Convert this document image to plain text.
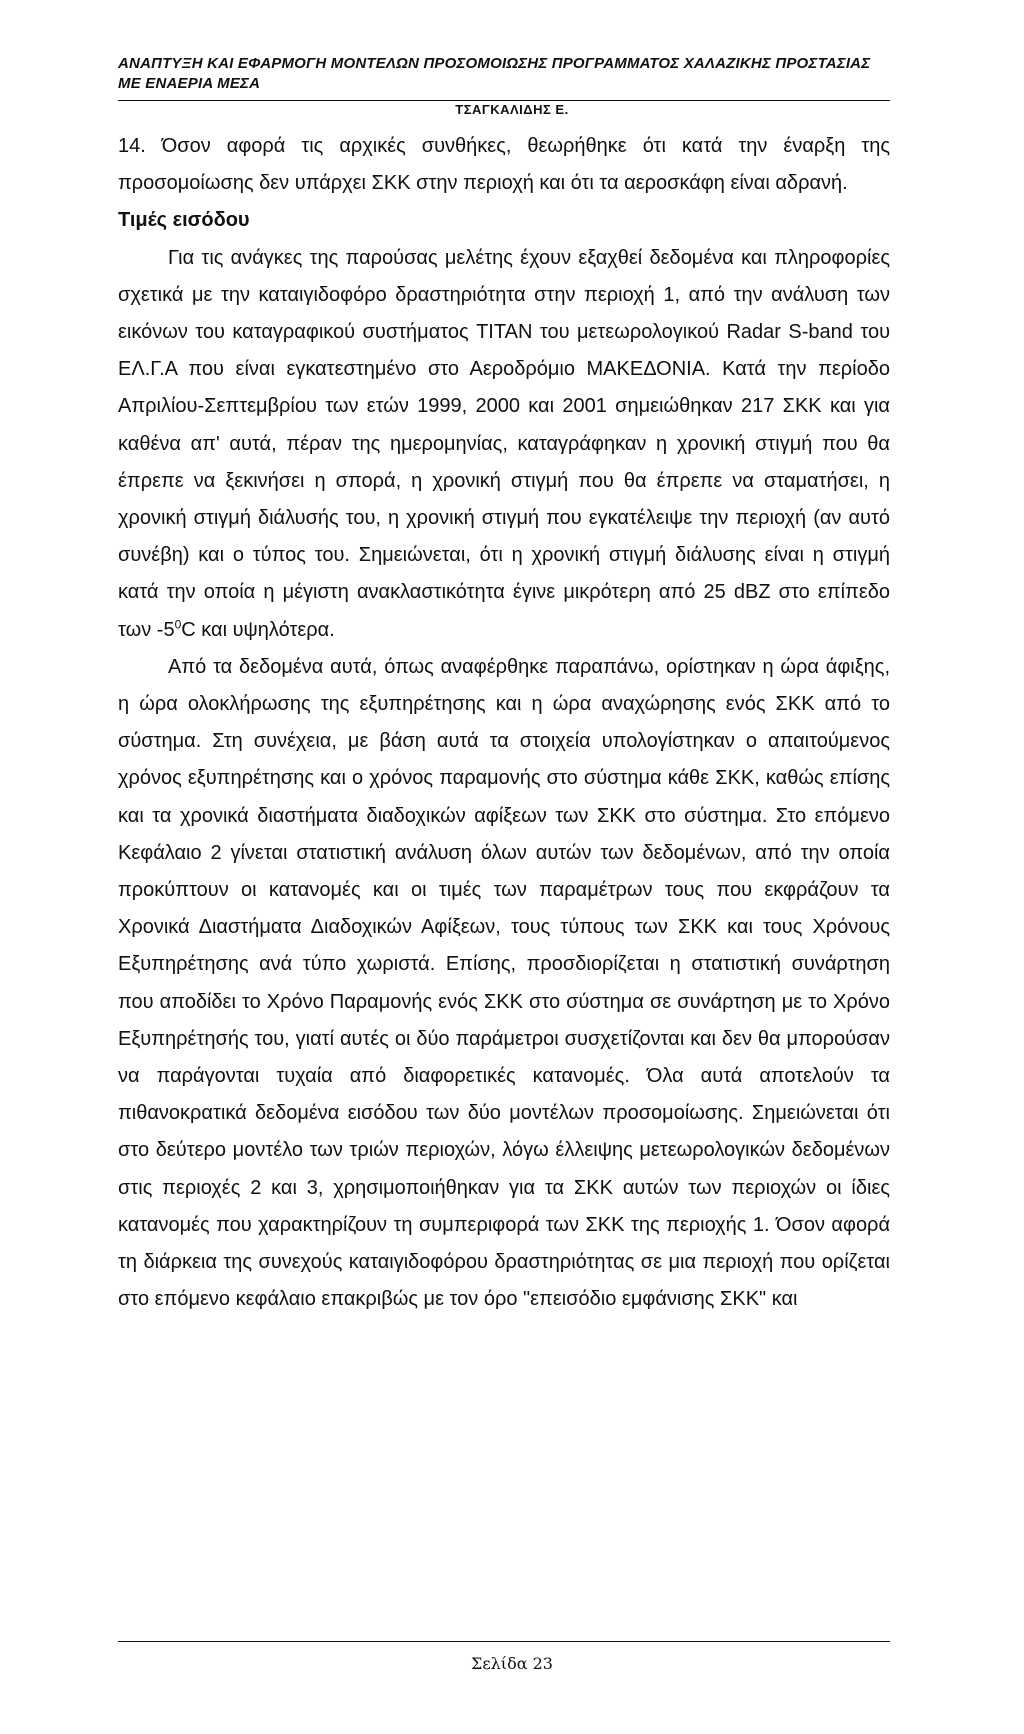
ΑΝΑΠΤΥΞΗ ΚΑΙ ΕΦΑΡΜΟΓΗ ΜΟΝΤΕΛΩΝ ΠΡΟΣΟΜΟΙΩΣΗΣ ΠΡΟΓΡΑΜΜΑΤΟΣ ΧΑΛΑΖΙΚΗΣ ΠΡΟΣΤΑΣΙΑΣ ΜΕ ΕΝΑΕΡΙΑ ΜΕΣΑ
ΤΣΑΓΚΑΛΙΔΗΣ Ε.

14. Όσον αφορά τις αρχικές συνθήκες, θεωρήθηκε ότι κατά την έναρξη της προσομοίωσης δεν υπάρχει ΣΚΚ στην περιοχή και ότι τα αεροσκάφη είναι αδρανή.

Τιμές εισόδου

Για τις ανάγκες της παρούσας μελέτης έχουν εξαχθεί δεδομένα και πληροφορίες σχετικά με την καταιγιδοφόρο δραστηριότητα στην περιοχή 1, από την ανάλυση των εικόνων του καταγραφικού συστήματος TITAN του μετεωρολογικού Radar S-band του ΕΛ.Γ.Α που είναι εγκατεστημένο στο Αεροδρόμιο ΜΑΚΕΔΟΝΙΑ. Κατά την περίοδο Απριλίου-Σεπτεμβρίου των ετών 1999, 2000 και 2001 σημειώθηκαν 217 ΣΚΚ και για καθένα απ' αυτά, πέραν της ημερομηνίας, καταγράφηκαν η χρονική στιγμή που θα έπρεπε να ξεκινήσει η σπορά, η χρονική στιγμή που θα έπρεπε να σταματήσει, η χρονική στιγμή διάλυσής του, η χρονική στιγμή που εγκατέλειψε την περιοχή (αν αυτό συνέβη) και ο τύπος του. Σημειώνεται, ότι η χρονική στιγμή διάλυσης είναι η στιγμή κατά την οποία η μέγιστη ανακλαστικότητα έγινε μικρότερη από 25 dBZ στο επίπεδο των $-5^0C$ και υψηλότερα.

Από τα δεδομένα αυτά, όπως αναφέρθηκε παραπάνω, ορίστηκαν η ώρα άφιξης, η ώρα ολοκλήρωσης της εξυπηρέτησης και η ώρα αναχώρησης ενός ΣΚΚ από το σύστημα. Στη συνέχεια, με βάση αυτά τα στοιχεία υπολογίστηκαν ο απαιτούμενος χρόνος εξυπηρέτησης και ο χρόνος παραμονής στο σύστημα κάθε ΣΚΚ, καθώς επίσης και τα χρονικά διαστήματα διαδοχικών αφίξεων των ΣΚΚ στο σύστημα. Στο επόμενο Κεφάλαιο 2 γίνεται στατιστική ανάλυση όλων αυτών των δεδομένων, από την οποία προκύπτουν οι κατανομές και οι τιμές των παραμέτρων τους που εκφράζουν τα Χρονικά Διαστήματα Διαδοχικών Αφίξεων, τους τύπους των ΣΚΚ και τους Χρόνους Εξυπηρέτησης ανά τύπο χωριστά. Επίσης, προσδιορίζεται η στατιστική συνάρτηση που αποδίδει το Χρόνο Παραμονής ενός ΣΚΚ στο σύστημα σε συνάρτηση με το Χρόνο Εξυπηρέτησής του, γιατί αυτές οι δύο παράμετροι συσχετίζονται και δεν θα μπορούσαν να παράγονται τυχαία από διαφορετικές κατανομές. Όλα αυτά αποτελούν τα πιθανοκρατικά δεδομένα εισόδου των δύο μοντέλων προσομοίωσης. Σημειώνεται ότι στο δεύτερο μοντέλο των τριών περιοχών, λόγω έλλειψης μετεωρολογικών δεδομένων στις περιοχές 2 και 3, χρησιμοποιήθηκαν για τα ΣΚΚ αυτών των περιοχών οι ίδιες κατανομές που χαρακτηρίζουν τη συμπεριφορά των ΣΚΚ της περιοχής 1. Όσον αφορά τη διάρκεια της συνεχούς καταιγιδοφόρου δραστηριότητας σε μια περιοχή που ορίζεται στο επόμενο κεφάλαιο επακριβώς με τον όρο "επεισόδιο εμφάνισης ΣΚΚ" και

Σελίδα 23
